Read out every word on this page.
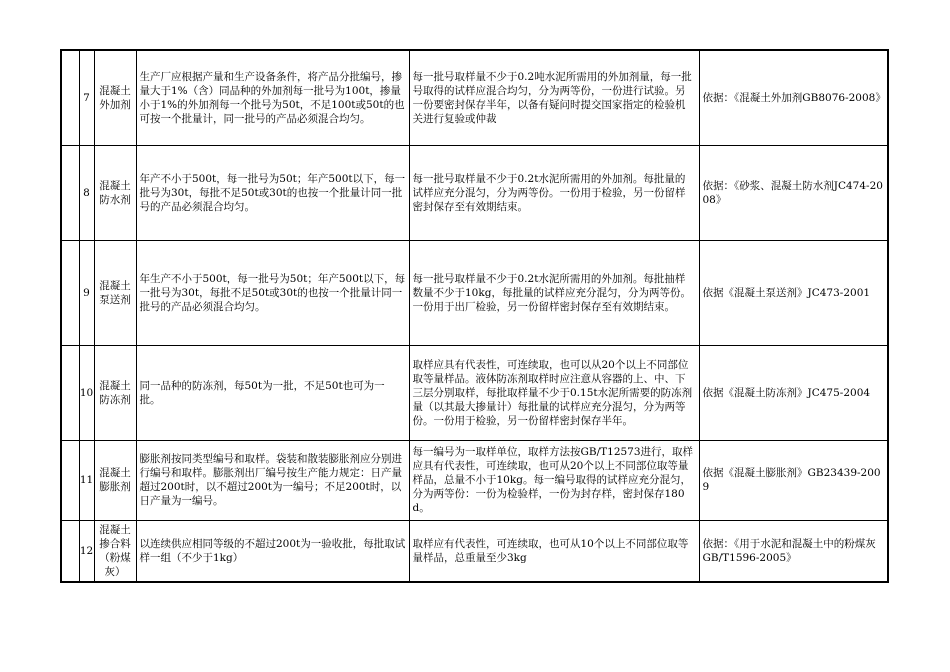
	7	混凝土外加剂	生产厂应根据产量和生产设备条件，将产品分批编号，掺量大于1%（含）同品种的外加剂每一批号为100t，掺量小于1%的外加剂每一个批号为50t，不足100t或50t的也可按一个批量计，同一批号的产品必须混合均匀。	每一批号取样量不少于0.2吨水泥所需用的外加剂量，每一批号取得的试样应混合均匀，分为两等份，一份进行试验。另一份要密封保存半年，以备有疑问时提交国家指定的检验机关进行复验或仲裁	依据：《混凝土外加剂GB8076-2008》

	8	混凝土防水剂	年产不小于500t，每一批号为50t；年产500t以下，每一批号为30t，每批不足50t或30t的也按一个批量计同一批号的产品必须混合均匀。	每一批号取样量不少于0.2t水泥所需用的外加剂。每批量的试样应充分混匀，分为两等份。一份用于检验，另一份留样密封保存至有效期结束。	依据：《砂浆、混凝土防水剂JC474-2008》

	9	混凝土泵送剂	年生产不小于500t，每一批号为50t；年产500t以下，每一批号为30t，每批不足50t或30t的也按一个批量计同一批号的产品必须混合均匀。	每一批号取样量不少于0.2t水泥所需用的外加剂。每批抽样数量不少于10kg，每批量的试样应充分混匀，分为两等份。一份用于出厂检验，另一份留样密封保存至有效期结束。	依据《混凝土泵送剂》JC473-2001

	10	混凝土防冻剂	同一品种的防冻剂，每50t为一批，不足50t也可为一批。	取样应具有代表性，可连续取，也可以从20个以上不同部位取等量样品。液体防冻剂取样时应注意从容器的上、中、下三层分别取样，每批取样量不少于0.15t水泥所需要的防冻剂量（以其最大掺量计）每批量的试样应充分混匀，分为两等份。一份用于检验，另一份留样密封保存半年。	依据《混凝土防冻剂》JC475-2004

	11	混凝土膨胀剂	膨胀剂按同类型编号和取样。袋装和散装膨胀剂应分别进行编号和取样。膨胀剂出厂编号按生产能力规定：日产量超过200t时，以不超过200t为一编号；不足200t时，以日产量为一编号。	每一编号为一取样单位，取样方法按GB/T12573进行，取样应具有代表性，可连续取，也可从20个以上不同部位取等量样品，总量不小于10kg。每一编号取得的试样应充分混匀，分为两等份：一份为检验样，一份为封存样，密封保存180d。	依据《混凝土膨胀剂》GB23439-2009

	12	混凝土掺合料（粉煤灰）	以连续供应相同等级的不超过200t为一验收批，每批取试样一组（不少于1kg）	取样应有代表性，可连续取，也可从10个以上不同部位取等量样品，总重量至少3kg	依据：《用于水泥和混凝土中的粉煤灰GB/T1596-2005》
